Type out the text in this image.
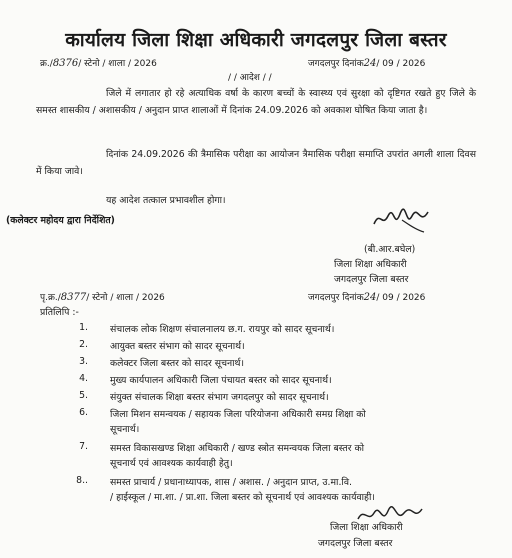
कार्यालय जिला शिक्षा अधिकारी जगदलपुर जिला बस्तर
क्र./8376/ स्टेनो / शाला / 2026	जगदलपुर दिनांक24/ 09 / 2026
/ / आदेश / /
जिले में लगातार हो रहे अत्याधिक वर्षा के कारण बच्चों के स्वास्थ्य एवं सुरक्षा को दृष्टिगत रखते हुए जिले के समस्त शासकीय / अशासकीय / अनुदान प्राप्त शालाओं में दिनांक 24.09.2026 को अवकाश घोषित किया जाता है।
दिनांक 24.09.2026 की त्रैमासिक परीक्षा का आयोजन त्रैमासिक परीक्षा समाप्ति उपरांत अगली शाला दिवस में किया जावे।
यह आदेश तत्काल प्रभावशील होगा।
(कलेक्टर महोदय द्वारा निर्देशित)
(बी.आर.बघेल)
जिला शिक्षा अधिकारी
जगदलपुर जिला बस्तर
पृ.क्र./8377/ स्टेनो / शाला / 2026	जगदलपुर दिनांक24/ 09 / 2026
प्रतिलिपि :-
1. संचालक लोक शिक्षण संचालनालय छ.ग. रायपुर को सादर सूचनार्थ।
2. आयुक्त बस्तर संभाग को सादर सूचनार्थ।
3. कलेक्टर जिला बस्तर को सादर सूचनार्थ।
4. मुख्य कार्यपालन अधिकारी जिला पंचायत बस्तर को सादर सूचनार्थ।
5. संयुक्त संचालक शिक्षा बस्तर संभाग जगदलपुर को सादर सूचनार्थ।
6. जिला मिशन समन्वयक / सहायक जिला परियोजना अधिकारी समग्र शिक्षा को
सूचनार्थ।
7. समस्त विकासखण्ड शिक्षा अधिकारी / खण्ड स्त्रोत समन्वयक जिला बस्तर को
सूचनार्थ एवं आवश्यक कार्यवाही हेतु।
8.. समस्त प्राचार्य / प्रधानाध्यापक, शास / अशास. / अनुदान प्राप्त, उ.मा.वि.
/ हाईस्कूल / मा.शा. / प्रा.शा. जिला बस्तर को सूचनार्थ एवं आवश्यक कार्यवाही।
जिला शिक्षा अधिकारी
जगदलपुर जिला बस्तर
